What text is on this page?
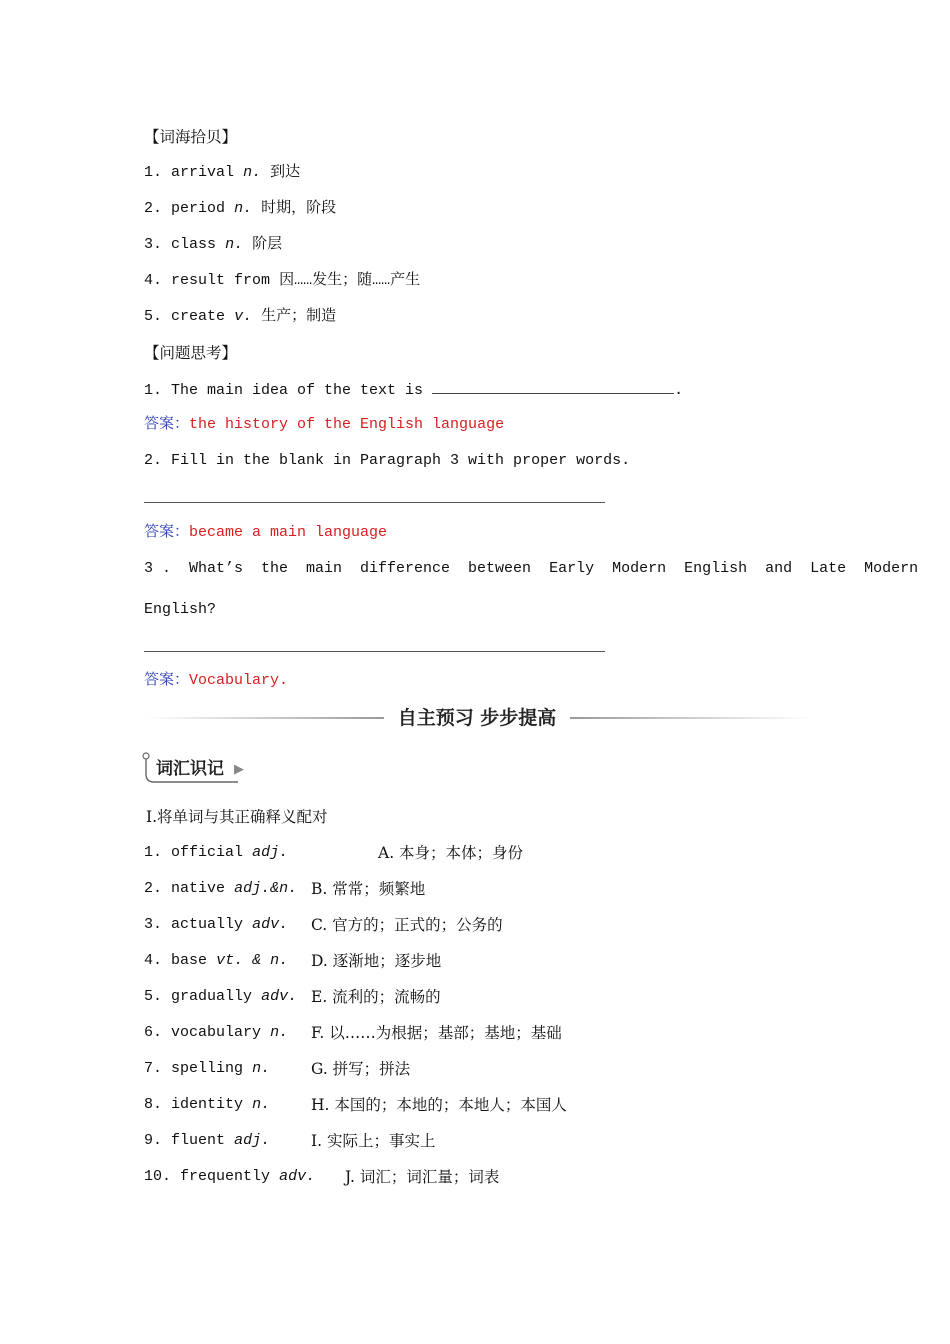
【词海拾贝】
1. arrival n. 到达
2. period n. 时期，阶段
3. class n. 阶层
4. result from 因……发生；随……产生
5. create v. 生产；制造
【问题思考】
1. The main idea of the text is	.
答案：the history of the English language
2. Fill in the blank in Paragraph 3 with proper words.
答案：became a main language
3 .  What’s  the  main  difference  between  Early  Modern  English  and  Late  Modern
English?
答案：Vocabulary.
自主预习 步步提高
词汇识记 ▶
Ⅰ.将单词与其正确释义配对
1. official adj.	A. 本身；本体；身份
2. native adj.&n. B. 常常；频繁地
3. actually adv. C. 官方的；正式的；公务的
4. base vt. & n. D. 逐渐地；逐步地
5. gradually adv. E. 流利的；流畅的
6. vocabulary n. F. 以……为根据；基部；基地；基础
7. spelling n.	G. 拼写；拼法
8. identity n.	H. 本国的；本地的；本地人；本国人
9. fluent adj.	I. 实际上；事实上
10. frequently adv. J. 词汇；词汇量；词表
